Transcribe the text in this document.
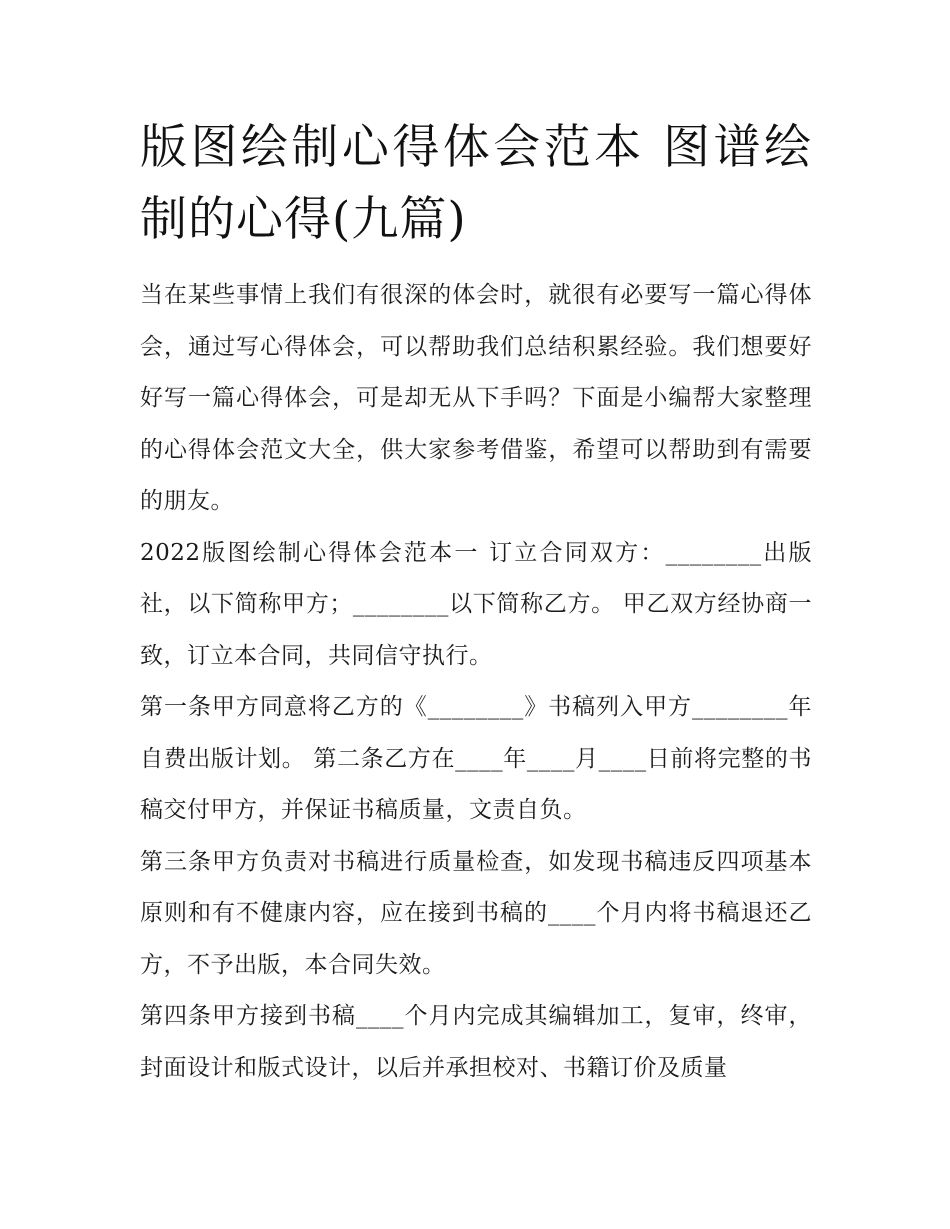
版图绘制心得体会范本 图谱绘制的心得(九篇)

当在某些事情上我们有很深的体会时，就很有必要写一篇心得体会，通过写心得体会，可以帮助我们总结积累经验。我们想要好好写一篇心得体会，可是却无从下手吗？下面是小编帮大家整理的心得体会范文大全，供大家参考借鉴，希望可以帮助到有需要的朋友。

2022版图绘制心得体会范本一 订立合同双方：________出版社，以下简称甲方；________以下简称乙方。 甲乙双方经协商一致，订立本合同，共同信守执行。

第一条甲方同意将乙方的《________》书稿列入甲方________年自费出版计划。 第二条乙方在____年____月____日前将完整的书稿交付甲方，并保证书稿质量，文责自负。

第三条甲方负责对书稿进行质量检查，如发现书稿违反四项基本原则和有不健康内容，应在接到书稿的____个月内将书稿退还乙方，不予出版，本合同失效。

第四条甲方接到书稿____个月内完成其编辑加工，复审，终审，封面设计和版式设计，以后并承担校对、书籍订价及质量
